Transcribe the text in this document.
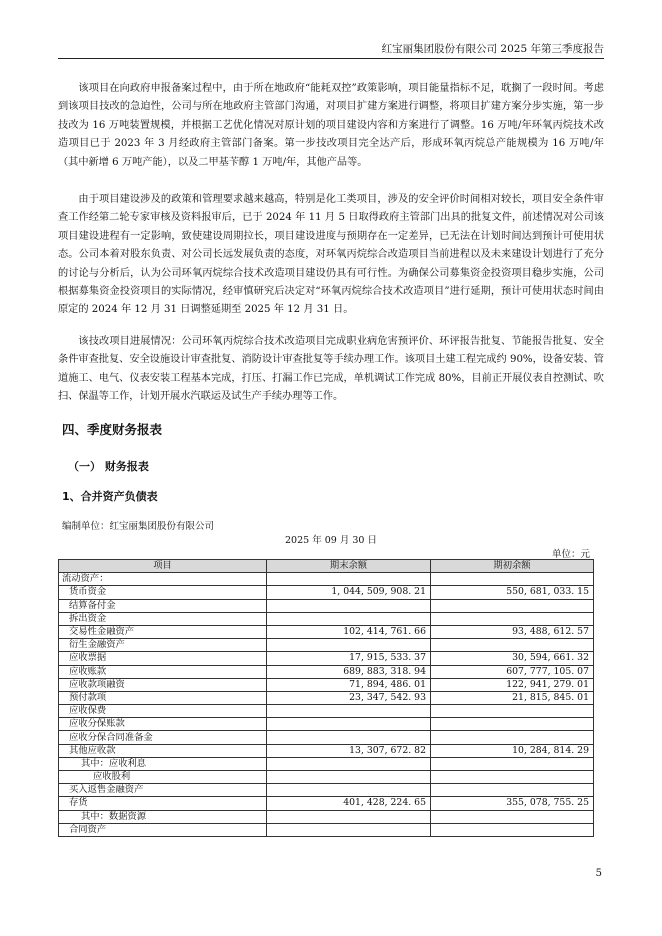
红宝丽集团股份有限公司 2025 年第三季度报告

该项目在向政府申报备案过程中，由于所在地政府“能耗双控”政策影响，项目能量指标不足，耽搁了一段时间。考虑到该项目技改的急迫性，公司与所在地政府主管部门沟通，对项目扩建方案进行调整，将项目扩建方案分步实施，第一步技改为 16 万吨装置规模，并根据工艺优化情况对原计划的项目建设内容和方案进行了调整。16 万吨/年环氧丙烷技术改造项目已于 2023 年 3 月经政府主管部门备案。第一步技改项目完全达产后，形成环氧丙烷总产能规模为 16 万吨/年（其中新增 6 万吨产能），以及二甲基苄醇 1 万吨/年，其他产品等。

由于项目建设涉及的政策和管理要求越来越高，特别是化工类项目，涉及的安全评价时间相对较长，项目安全条件审查工作经第二轮专家审核及资料报审后，已于 2024 年 11 月 5 日取得政府主管部门出具的批复文件，前述情况对公司该项目建设进程有一定影响，致使建设周期拉长，项目建设进度与预期存在一定差异，已无法在计划时间达到预计可使用状态。公司本着对股东负责、对公司长远发展负责的态度，对环氧丙烷综合改造项目当前进程以及未来建设计划进行了充分的讨论与分析后，认为公司环氧丙烷综合技术改造项目建设仍具有可行性。为确保公司募集资金投资项目稳步实施，公司根据募集资金投资项目的实际情况，经审慎研究后决定对“环氧丙烷综合技术改造项目”进行延期，预计可使用状态时间由原定的 2024 年 12 月 31 日调整延期至 2025 年 12 月 31 日。

该技改项目进展情况：公司环氧丙烷综合技术改造项目完成职业病危害预评价、环评报告批复、节能报告批复、安全条件审查批复、安全设施设计审查批复、消防设计审查批复等手续办理工作。该项目土建工程完成约 90%，设备安装、管道施工、电气、仪表安装工程基本完成，打压、打漏工作已完成，单机调试工作完成 80%，目前正开展仪表自控测试、吹扫、保温等工作，计划开展水汽联运及试生产手续办理等工作。

四、季度财务报表
（一） 财务报表
1、合并资产负债表
编制单位：红宝丽集团股份有限公司
2025 年 09 月 30 日
单位：元
项目	期末余额	期初余额
流动资产：		
货币资金	1, 044, 509, 908. 21	550, 681, 033. 15
结算备付金		
拆出资金		
交易性金融资产	102, 414, 761. 66	93, 488, 612. 57
衍生金融资产		
应收票据	17, 915, 533. 37	30, 594, 661. 32
应收账款	689, 883, 318. 94	607, 777, 105. 07
应收款项融资	71, 894, 486. 01	122, 941, 279. 01
预付款项	23, 347, 542. 93	21, 815, 845. 01
应收保费		
应收分保账款		
应收分保合同准备金		
其他应收款	13, 307, 672. 82	10, 284, 814. 29
其中：应收利息		
应收股利		
买入返售金融资产		
存货	401, 428, 224. 65	355, 078, 755. 25
其中：数据资源		
合同资产		
5
